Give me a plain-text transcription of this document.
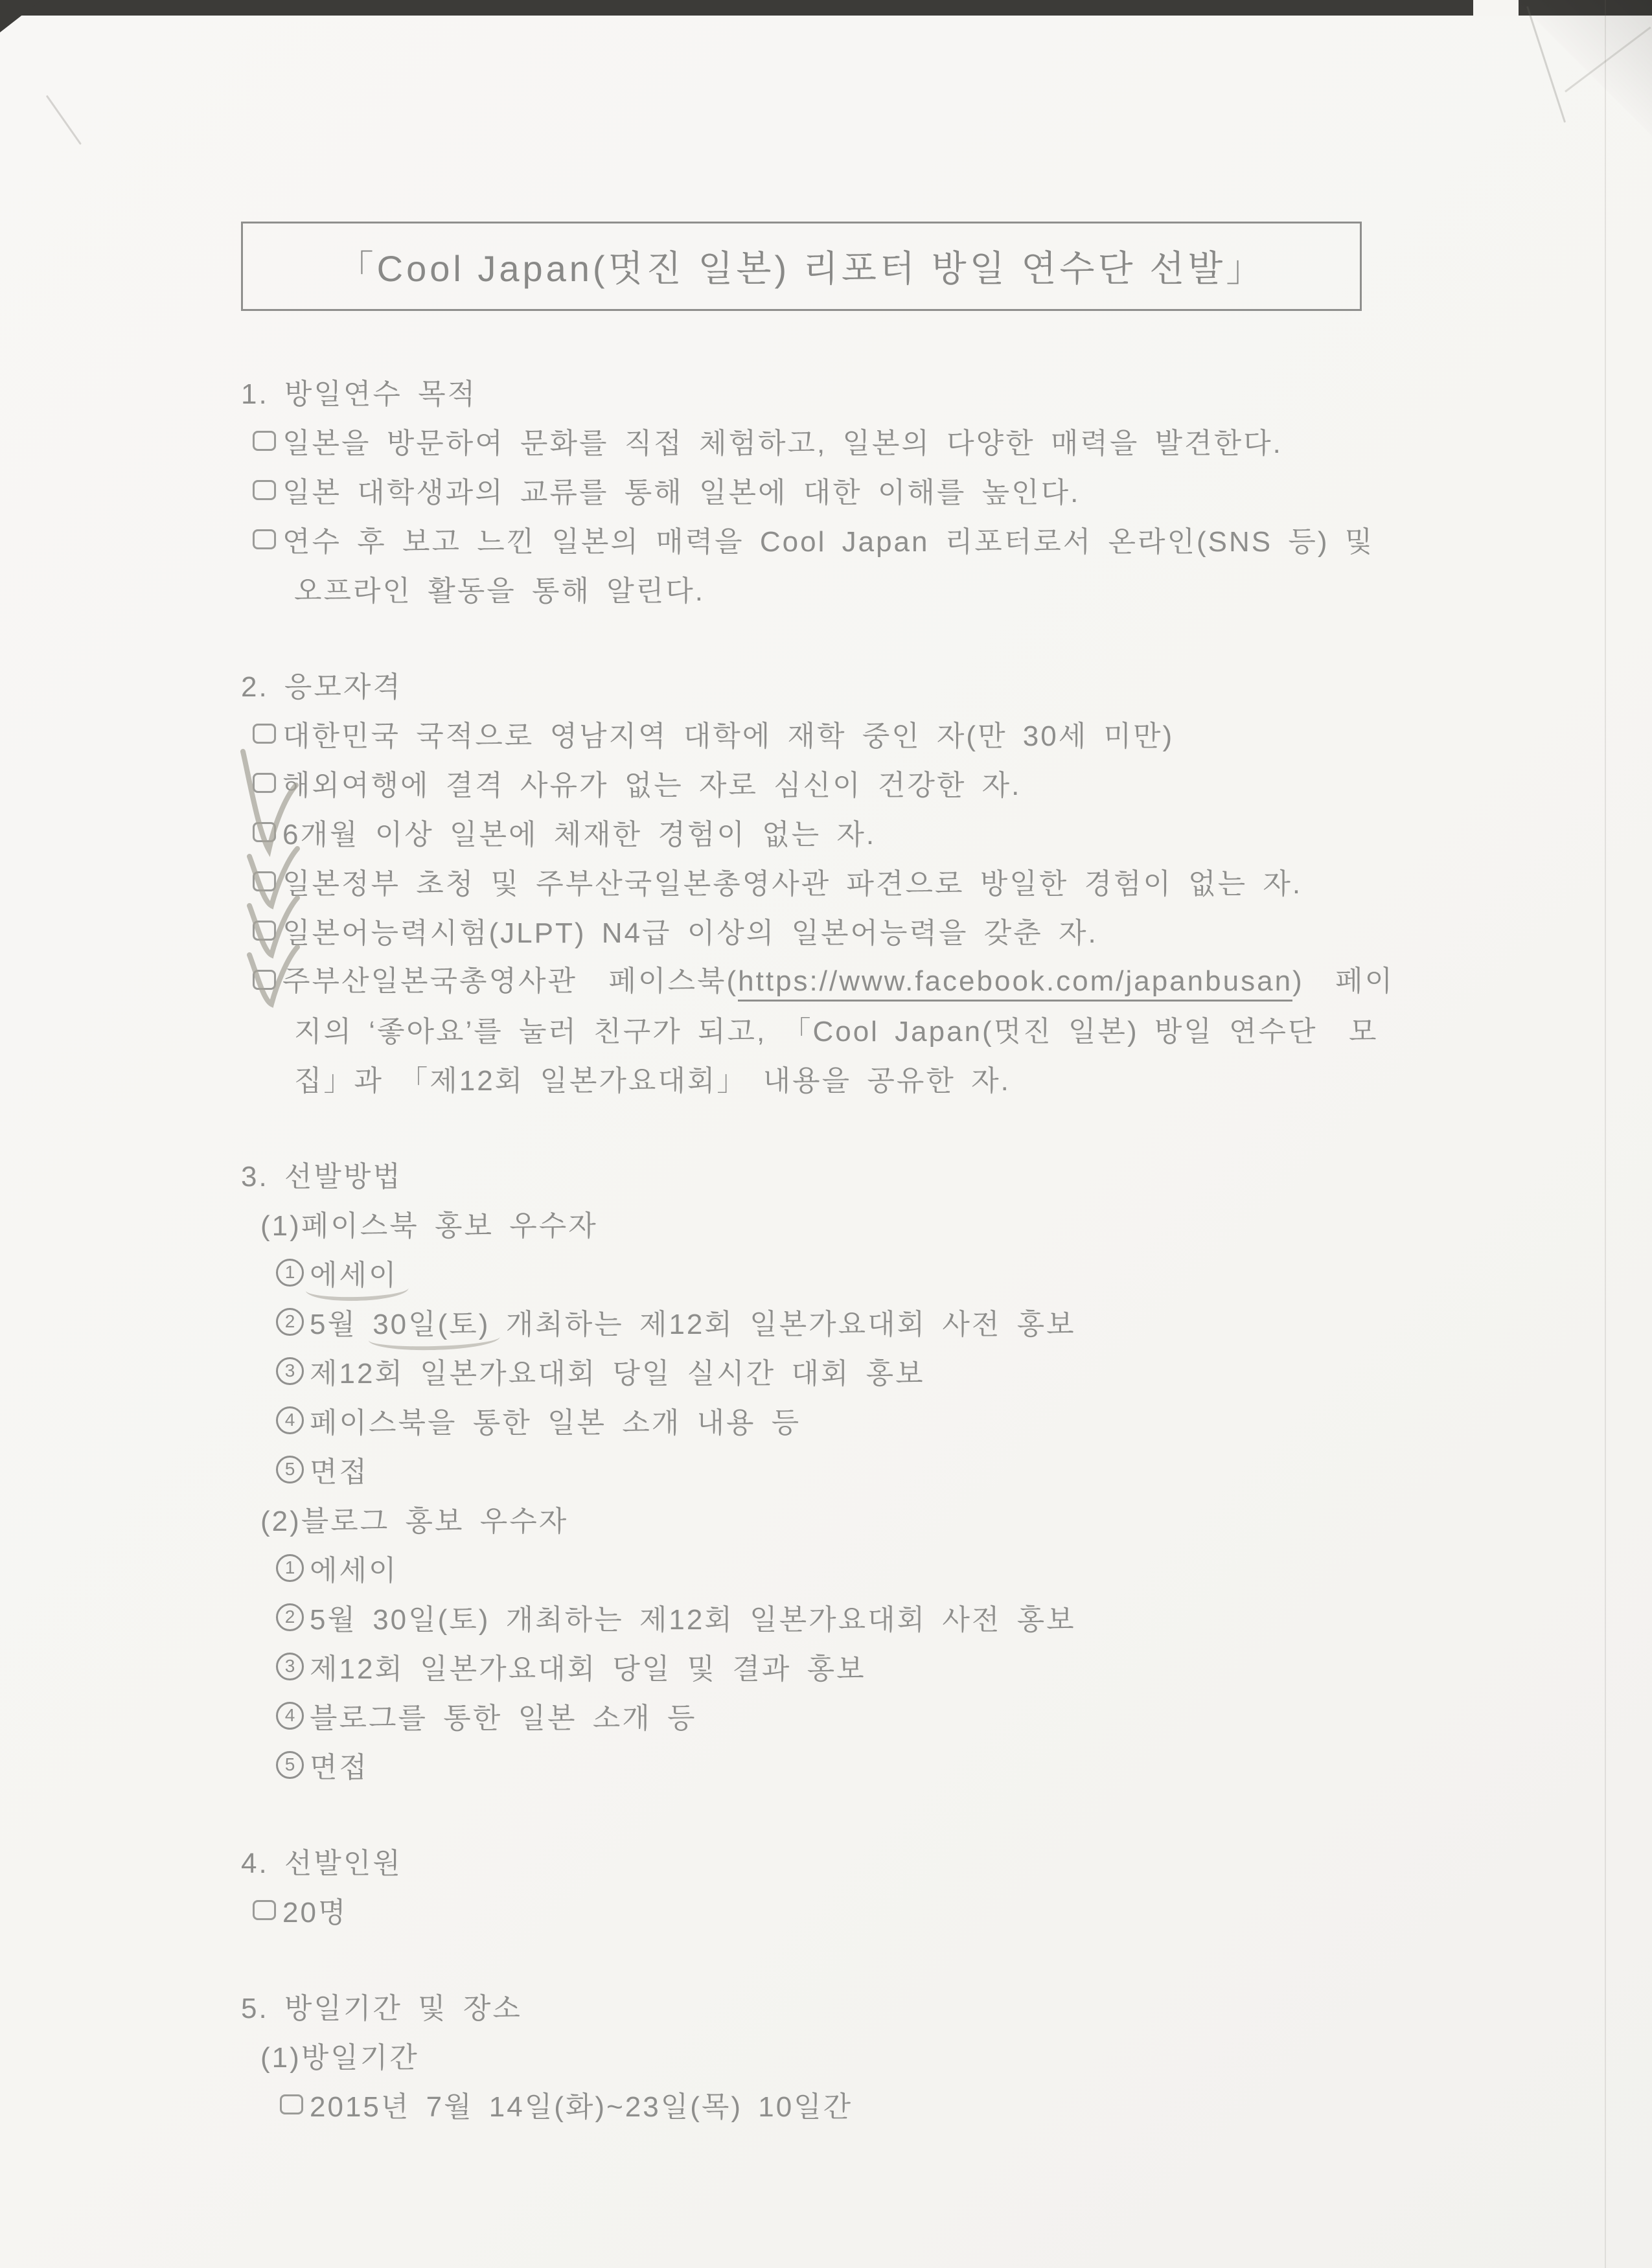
「Cool Japan(멋진 일본) 리포터 방일 연수단 선발」
1. 방일연수 목적
일본을 방문하여 문화를 직접 체험하고, 일본의 다양한 매력을 발견한다.
일본 대학생과의 교류를 통해 일본에 대한 이해를 높인다.
연수 후 보고 느낀 일본의 매력을 Cool Japan 리포터로서 온라인(SNS 등) 및
오프라인 활동을 통해 알린다.
2. 응모자격
대한민국 국적으로 영남지역 대학에 재학 중인 자(만 30세 미만)
해외여행에 결격 사유가 없는 자로 심신이 건강한 자.

6개월 이상 일본에 체재한 경험이 없는 자.

일본정부 초청 및 주부산국일본총영사관 파견으로 방일한 경험이 없는 자.

일본어능력시험(JLPT) N4급 이상의 일본어능력을 갖춘 자.

주부산일본국총영사관  페이스북( https://www.facebook.com/japanbusan )  페이
지의 ‘좋아요’를 눌러 친구가 되고, 「Cool Japan(멋진 일본) 방일 연수단  모
집」과 「제12회 일본가요대회」 내용을 공유한 자.
3. 선발방법
(1)페이스북 홍보 우수자
1 에세이
2 5월 30일(토) 개최하는 제12회 일본가요대회 사전 홍보
3 제12회 일본가요대회 당일 실시간 대회 홍보
4 페이스북을 통한 일본 소개 내용 등
5 면접
(2)블로그 홍보 우수자
1 에세이
2 5월 30일(토) 개최하는 제12회 일본가요대회 사전 홍보
3 제12회 일본가요대회 당일 및 결과 홍보
4 블로그를 통한 일본 소개 등
5 면접
4. 선발인원
20명
5. 방일기간 및 장소
(1)방일기간
2015년 7월 14일(화)~23일(목) 10일간
